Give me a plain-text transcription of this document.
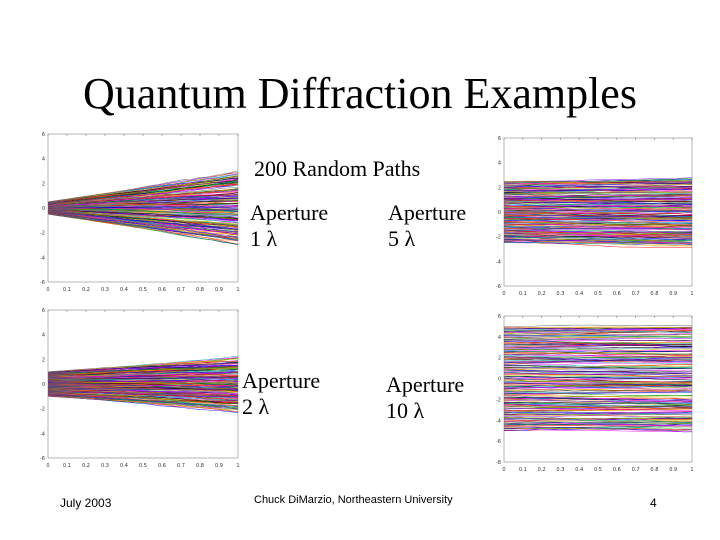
Quantum Diffraction Examples
200 Random Paths
0	0.1 0.2 0.3 0.4 0.5 0.6 0.7 0.8 0.9	1
6
4
2
0
-2
-4
-6
0	0.1 0.2 0.3 0.4 0.5 0.6 0.7 0.8 0.9	1
6
4
2
0
-2
-4
-6
0	0.1 0.2 0.3 0.4 0.5 0.6 0.7 0.8 0.9	1
6
4
2
0
-2
-4
-6
0	0.1 0.2 0.3 0.4 0.5 0.6 0.7 0.8 0.9	1
6
4
2
0
-2
-4
-6
-8
Aperture
1 λ
Aperture
5 λ
Aperture
2 λ
Aperture
10 λ
July 2003	Chuck DiMarzio, Northeastern University	4
